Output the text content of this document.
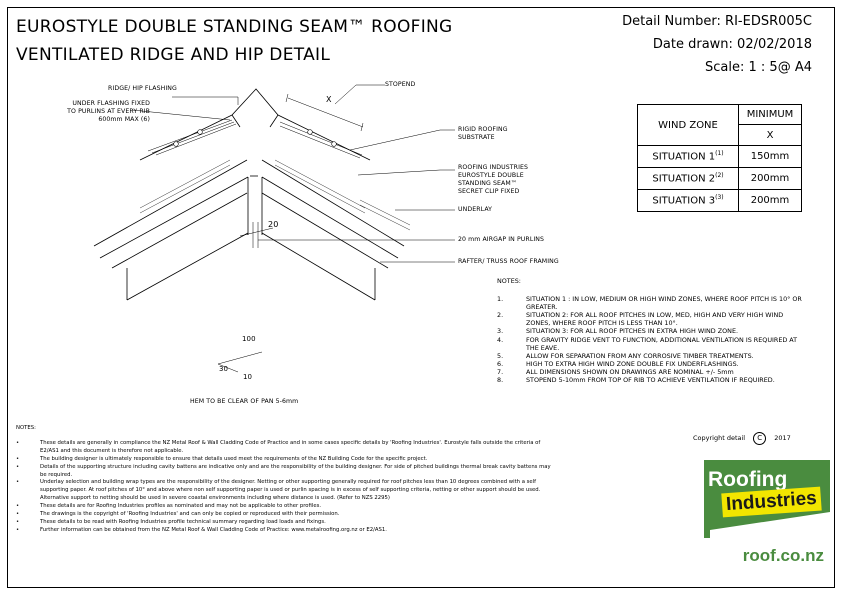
EUROSTYLE DOUBLE STANDING SEAM™ ROOFING
VENTILATED RIDGE AND HIP DETAIL
Detail Number: RI-EDSR005C
Date drawn: 02/02/2018
Scale: 1 : 5@ A4
RIDGE/ HIP FLASHING
UNDER FLASHING FIXED
TO PURLINS AT EVERY RIB
600mm MAX (6)
STOPEND
X
RIGID ROOFING
SUBSTRATE
ROOFING INDUSTRIES
EUROSTYLE DOUBLE
STANDING SEAM™
SECRET CLIP FIXED
UNDERLAY
20
20 mm AIRGAP IN PURLINS
RAFTER/ TRUSS ROOF FRAMING
100
30
10
HEM TO BE CLEAR OF PAN 5-6mm
WIND ZONE	MINIMUM
	X
SITUATION 1$^{(1)}$	150mm
SITUATION 2$^{(2)}$	200mm
SITUATION 3$^{(3)}$	200mm
NOTES:
1.	SITUATION 1 : IN LOW, MEDIUM OR HIGH WIND ZONES, WHERE ROOF PITCH IS 10° OR GREATER.
2.	SITUATION 2: FOR ALL ROOF PITCHES IN LOW, MED, HIGH AND VERY HIGH WIND ZONES, WHERE ROOF PITCH IS LESS THAN 10°.
3.	SITUATION 3: FOR ALL ROOF PITCHES IN EXTRA HIGH WIND ZONE.
4.	FOR GRAVITY RIDGE VENT TO FUNCTION, ADDITIONAL VENTILATION IS REQUIRED AT THE EAVE.
5.	ALLOW FOR SEPARATION FROM ANY CORROSIVE TIMBER TREATMENTS.
6.	HIGH TO EXTRA HIGH WIND ZONE DOUBLE FIX UNDERFLASHINGS.
7.	ALL DIMENSIONS SHOWN ON DRAWINGS ARE NOMINAL +/- 5mm
8.	STOPEND 5-10mm FROM TOP OF RIB TO ACHIEVE VENTILATION IF REQUIRED.
Copyright detail C 2017
NOTES:
•	These details are generally in compliance the NZ Metal Roof & Wall Cladding Code of Practice and in some cases specific details by 'Roofing Industries'. Eurostyle falls outside the criteria of E2/AS1 and this document is therefore not applicable.
•	The building designer is ultimately responsible to ensure that details used meet the requirements of the NZ Building Code for the specific project.
•	Details of the supporting structure including cavity battens are indicative only and are the responsibility of the building designer. For side of pitched buildings thermal break cavity battens may be required.
•	Underlay selection and building wrap types are the responsibility of the designer. Netting or other supporting generally required for roof pitches less than 10 degrees combined with a self supporting paper. At roof pitches of 10° and above where non self supporting paper is used or purlin spacing is in excess of self supporting criteria, netting or other support should be used. Alternative support to netting should be used in severe coastal environments including where distance is used. (Refer to NZS 2295)
•	These details are for Roofing Industries profiles as nominated and may not be applicable to other profiles.
•	The drawings is the copyright of 'Roofing Industries' and can only be copied or reproduced with their permission.
•	These details to be read with Roofing Industries profile technical summary regarding load loads and fixings.
•	Further information can be obtained from the NZ Metal Roof & Wall Cladding Code of Practice: www.metalroofing.org.nz or E2/AS1.
Roofing
Industries
roof.co.nz
